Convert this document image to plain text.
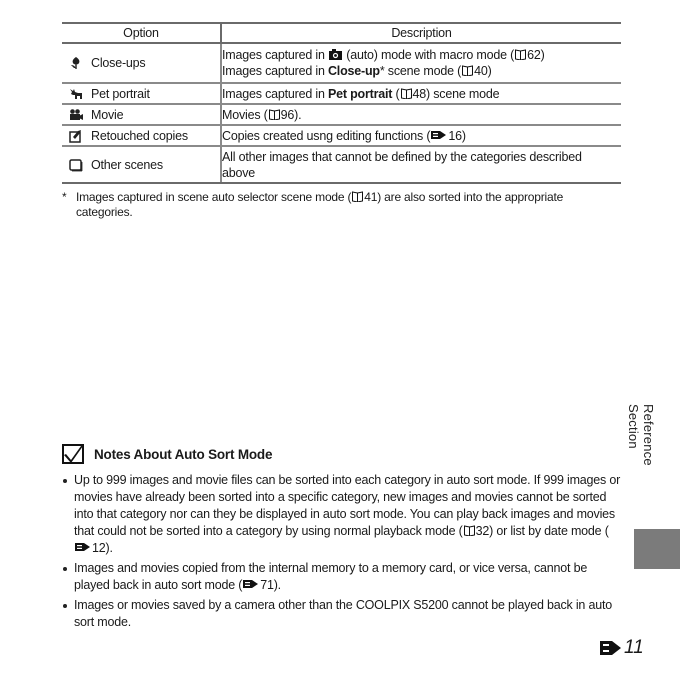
Option	Description

Close-ups	Images captured in
(auto) mode with macro mode ( 62)
Images captured in Close-up* scene mode ( 40)

Pet portrait	Images captured in Pet portrait ( 48) scene mode

Movie	Movies ( 96).

Retouched copies	Copies created usng editing functions ( 16)

Other scenes	All other images that cannot be defined by the categories described
above
* Images captured in scene auto selector scene mode ( 41) are also sorted into the appropriate categories.
Notes About Auto Sort Mode
Up to 999 images and movie files can be sorted into each category in auto sort mode. If 999 images or movies have already been sorted into a specific category, new images and movies cannot be sorted into that category nor can they be displayed in auto sort mode. You can play back images and movies that could not be sorted into a category by using normal playback mode ( 32) or list by date mode (
12).
Images and movies copied from the internal memory to a memory card, or vice versa, cannot be played back in auto sort mode ( 71).
Images or movies saved by a camera other than the COOLPIX S5200 cannot be played back in auto sort mode.
Reference Section
11
